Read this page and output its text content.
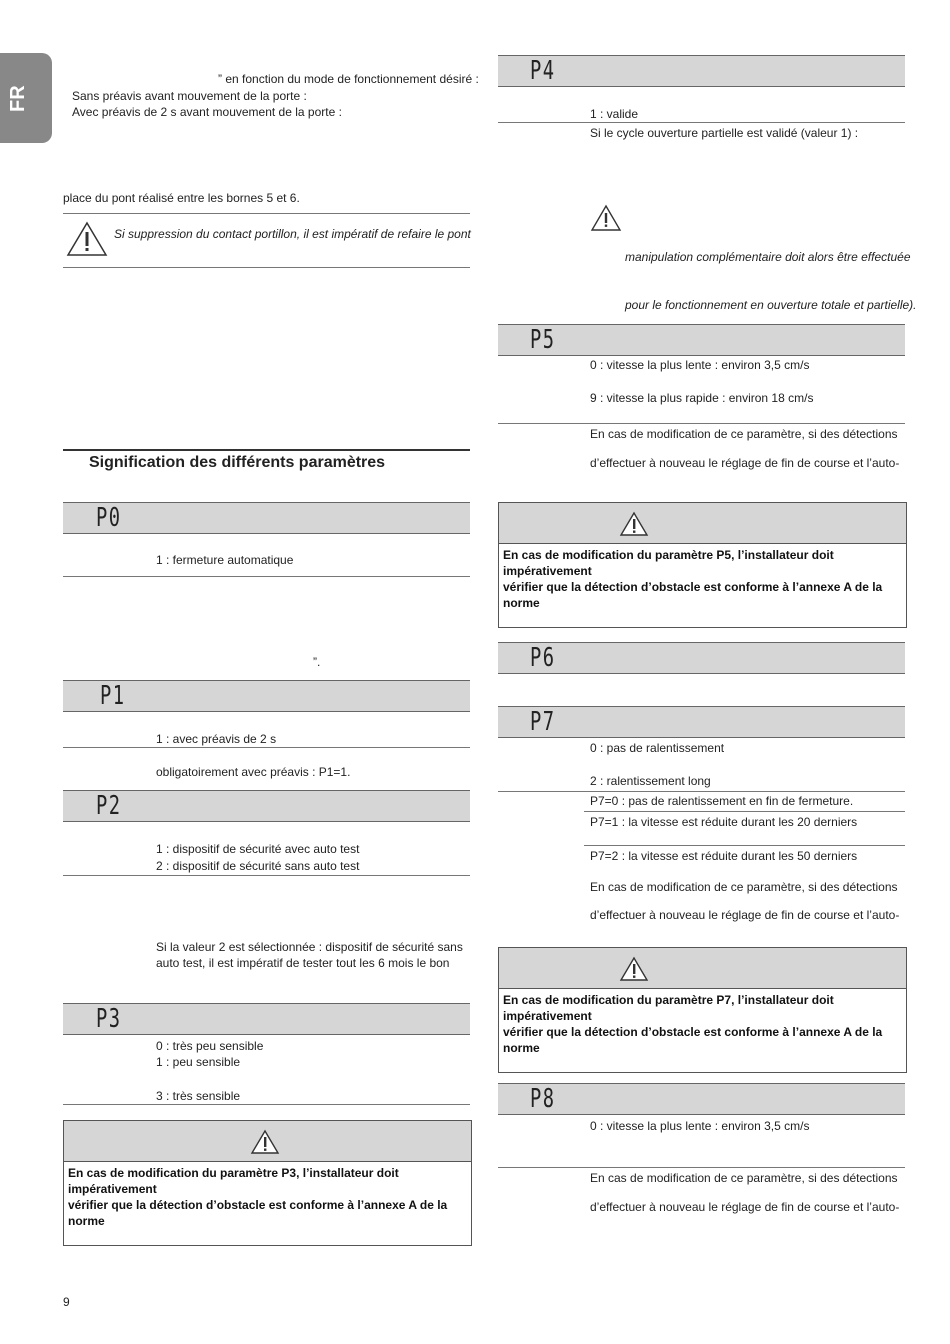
FR
” en fonction du mode de fonctionnement désiré :
Sans préavis avant mouvement de la porte :
Avec préavis de 2 s avant mouvement de la porte :
place du pont réalisé entre les bornes 5 et 6.
Si suppression du contact portillon, il est impératif de refaire le pont
Signification des différents paramètres
P0
1 : fermeture automatique
”.
P1
1 : avec préavis de 2 s
obligatoirement avec préavis : P1=1.
P2
1 : dispositif de sécurité avec auto test
2 : dispositif de sécurité sans auto test
Si la valeur 2 est sélectionnée : dispositif de sécurité sans
auto test, il est impératif de tester tout les 6 mois le bon
P3
0 : très peu sensible
1 : peu sensible
3 : très sensible
En cas de modification du paramètre P3, l’installateur doit impérativement
vérifier que la détection d’obstacle est conforme à l’annexe A de la norme
9
P4
1 : valide
Si le cycle ouverture partielle est validé (valeur 1) :
manipulation complémentaire doit alors être effectuée
pour le fonctionnement en ouverture totale et partielle).
P5
0 : vitesse la plus lente : environ 3,5 cm/s
9 : vitesse la plus rapide : environ 18 cm/s
En cas de modification de ce paramètre, si des détections
d’effectuer à nouveau le réglage de fin de course et l’auto-
En cas de modification du paramètre P5, l’installateur doit impérativement
vérifier que la détection d’obstacle est conforme à l’annexe A de la norme
P6
P7
0 : pas de ralentissement
2 : ralentissement long
P7=0 : pas de ralentissement en fin de fermeture.
P7=1 : la vitesse est réduite durant les 20 derniers
P7=2 : la vitesse est réduite durant les 50 derniers
En cas de modification de ce paramètre, si des détections
d’effectuer à nouveau le réglage de fin de course et l’auto-
En cas de modification du paramètre P7, l’installateur doit impérativement
vérifier que la détection d’obstacle est conforme à l’annexe A de la norme
P8
0 : vitesse la plus lente : environ 3,5 cm/s
En cas de modification de ce paramètre, si des détections
d’effectuer à nouveau le réglage de fin de course et l’auto-
